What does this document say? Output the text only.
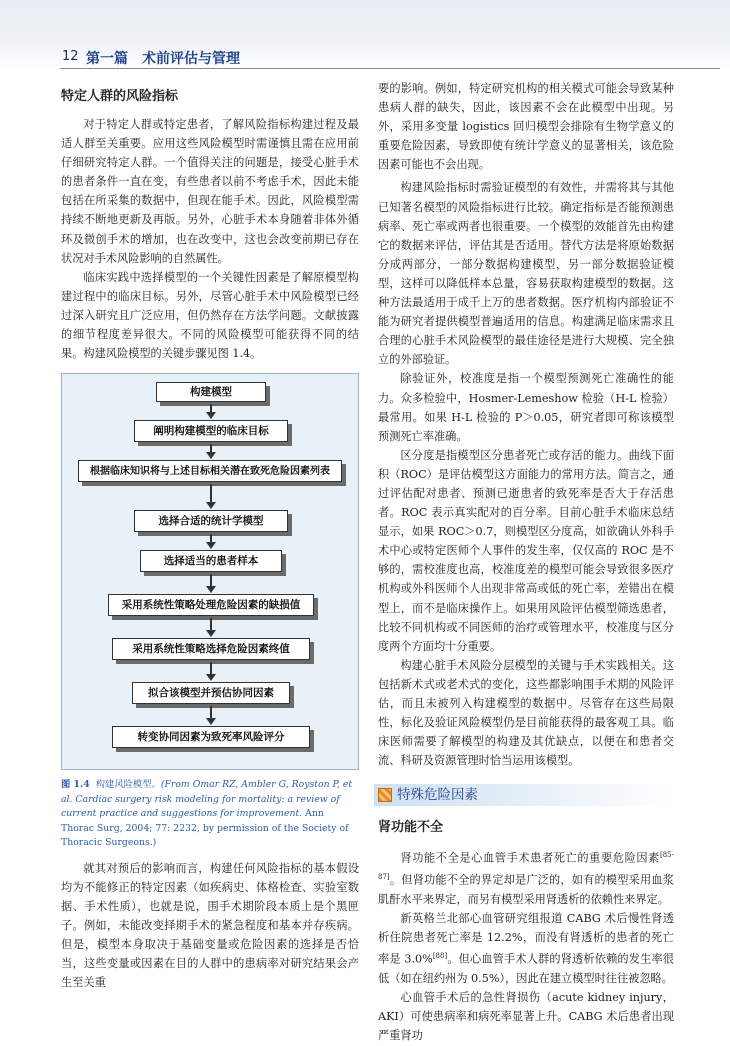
12 第一篇　术前评估与管理
特定人群的风险指标

对于特定人群或特定患者，了解风险指标构建过程及最适人群至关重要。应用这些风险模型时需谨慎且需在应用前仔细研究特定人群。一个值得关注的问题是，接受心脏手术的患者条件一直在变，有些患者以前不考虑手术，因此未能包括在所采集的数据中，但现在能手术。因此，风险模型需持续不断地更新及再版。另外，心脏手术本身随着非体外循环及微创手术的增加，也在改变中，这也会改变前期已存在状况对手术风险影响的自然属性。

临床实践中选择模型的一个关键性因素是了解原模型构建过程中的临床目标。另外，尽管心脏手术中风险模型已经过深入研究且广泛应用，但仍然存在方法学问题。文献披露的细节程度差异很大。不同的风险模型可能获得不同的结果。构建风险模型的关键步骤见图 1.4。

构建模型
阐明构建模型的临床目标
根据临床知识将与上述目标相关潜在致死危险因素列表
选择合适的统计学模型
选择适当的患者样本
采用系统性策略处理危险因素的缺损值
采用系统性策略选择危险因素终值
拟合该模型并预估协同因素
转变协同因素为致死率风险评分
图 1.4 构建风险模型。(From Omar RZ, Ambler G, Royston P, et al. Cardiac surgery risk modeling for mortality: a review of current practice and suggestions for improvement. Ann Thorac Surg, 2004; 77: 2232, by permission of the Society of Thoracic Surgeons.)

就其对预后的影响而言，构建任何风险指标的基本假设均为不能修正的特定因素（如疾病史、体格检查、实验室数据、手术性质），也就是说，围手术期阶段本质上是个黑匣子。例如，未能改变择期手术的紧急程度和基本并存疾病。但是，模型本身取决于基础变量或危险因素的选择是否恰当，这些变量或因素在目的人群中的患病率对研究结果会产生至关重

要的影响。例如，特定研究机构的相关模式可能会导致某种患病人群的缺失，因此，该因素不会在此模型中出现。另外，采用多变量 logistics 回归模型会排除有生物学意义的重要危险因素，导致即使有统计学意义的显著相关，该危险因素可能也不会出现。

构建风险指标时需验证模型的有效性，并需将其与其他已知著名模型的风险指标进行比较。确定指标是否能预测患病率、死亡率或两者也很重要。一个模型的效能首先由构建它的数据来评估，评估其是否适用。替代方法是将原始数据分成两部分，一部分数据构建模型，另一部分数据验证模型，这样可以降低样本总量，容易获取构建模型的数据。这种方法最适用于成千上万的患者数据。医疗机构内部验证不能为研究者提供模型普遍适用的信息。构建满足临床需求且合理的心脏手术风险模型的最佳途径是进行大规模、完全独立的外部验证。

除验证外，校准度是指一个模型预测死亡准确性的能力。众多检验中，Hosmer-Lemeshow 检验（H-L 检验）最常用。如果 H-L 检验的 P＞0.05，研究者即可称该模型预测死亡率准确。

区分度是指模型区分患者死亡或存活的能力。曲线下面积（ROC）是评估模型这方面能力的常用方法。简言之，通过评估配对患者、预测已逝患者的致死率是否大于存活患者。ROC 表示真实配对的百分率。目前心脏手术临床总结显示，如果 ROC＞0.7，则模型区分度高，如欲确认外科手术中心或特定医师个人事件的发生率，仅仅高的 ROC 是不够的，需校准度也高，校准度差的模型可能会导致很多医疗机构或外科医师个人出现非常高或低的死亡率，差错出在模型上，而不是临床操作上。如果用风险评估模型筛选患者，比较不同机构或不同医师的治疗或管理水平，校准度与区分度两个方面均十分重要。

构建心脏手术风险分层模型的关键与手术实践相关。这包括新术式或老术式的变化，这些都影响围手术期的风险评估，而且未被列入构建模型的数据中。尽管存在这些局限性，标化及验证风险模型仍是目前能获得的最客观工具。临床医师需要了解模型的构建及其优缺点，以便在和患者交流、科研及资源管理时恰当运用该模型。

特殊危险因素
肾功能不全

肾功能不全是心血管手术患者死亡的重要危险因素[85-87]。但肾功能不全的界定却是广泛的，如有的模型采用血浆肌酐水平来界定，而另有模型采用肾透析的依赖性来界定。

新英格兰北部心血管研究组报道 CABG 术后慢性肾透析住院患者死亡率是 12.2%，而没有肾透析的患者的死亡率是 3.0%[88]。但心血管手术人群的肾透析依赖的发生率很低（如在纽约州为 0.5%），因此在建立模型时往往被忽略。

心血管手术后的急性肾损伤（acute kidney injury，AKI）可使患病率和病死率显著上升。CABG 术后患者出现严重肾功
